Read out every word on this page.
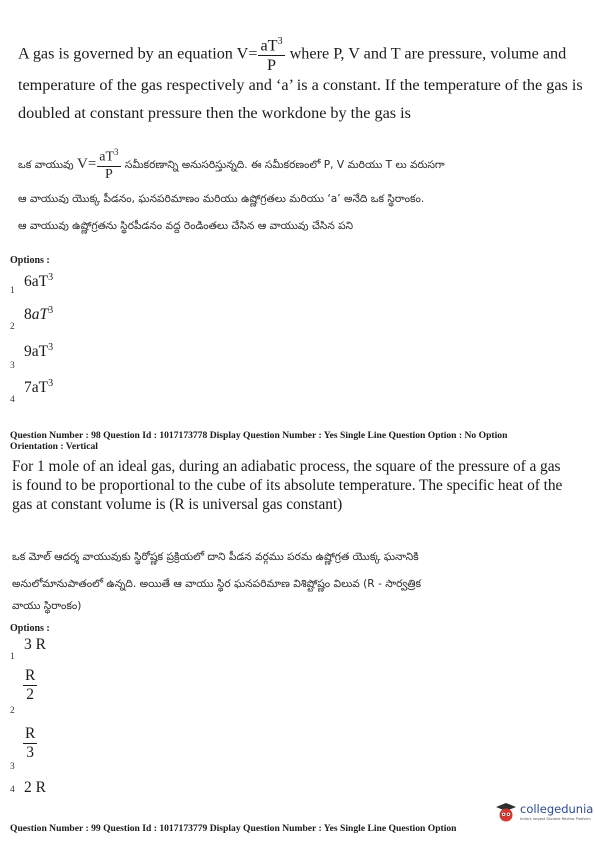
A gas is governed by an equation $V= \frac{aT^3}{P}$ where P, V and T are pressure, volume and
temperature of the gas respectively and ‘a’ is a constant. If the temperature of the gas is
doubled at constant pressure then the workdone by the gas is
ఒక వాయువు $V= \frac{aT^3}{P}$ సమీకరణాన్ని అనుసరిస్తున్నది. ఈ సమీకరణంలో P, V మరియు T లు వరుసగా
ఆ వాయువు యొక్క పీడనం, ఘనపరిమాణం మరియు ఉష్ణోగ్రతలు మరియు ‘a’ అనేది ఒక స్థిరాంకం.
ఆ వాయువు ఉష్ణోగ్రతను స్థిరపీడనం వద్ద రెండింతలు చేసిన ఆ వాయువు చేసిన పని
Options :
1
$6aT^3$
2
$8aT^3$
3
$9aT^3$
4
$7aT^3$
Question Number : 98 Question Id : 1017173778 Display Question Number : Yes Single Line Question Option : No Option
Orientation : Vertical
For 1 mole of an ideal gas, during an adiabatic process, the square of the pressure of a gas
is found to be proportional to the cube of its absolute temperature. The specific heat of the
gas at constant volume is (R is universal gas constant)
ఒక మోల్ ఆదర్శ వాయువుకు స్థిరోష్ణక ప్రక్రియలో దాని పీడన వర్గము పరమ ఉష్ణోగ్రత యొక్క ఘనానికి
అనులోమానుపాతంలో ఉన్నది. అయితే ఆ వాయు స్థిర ఘనపరిమాణ విశిష్టోష్ణం విలువ (R - సార్వత్రిక
వాయు స్థిరాంకం)
Options :
1
3 R
2
$\frac{R}{2}$
3
$\frac{R}{3}$
4 2 R
collegedunia
India's largest Student Review Platform
Question Number : 99 Question Id : 1017173779 Display Question Number : Yes Single Line Question Option
